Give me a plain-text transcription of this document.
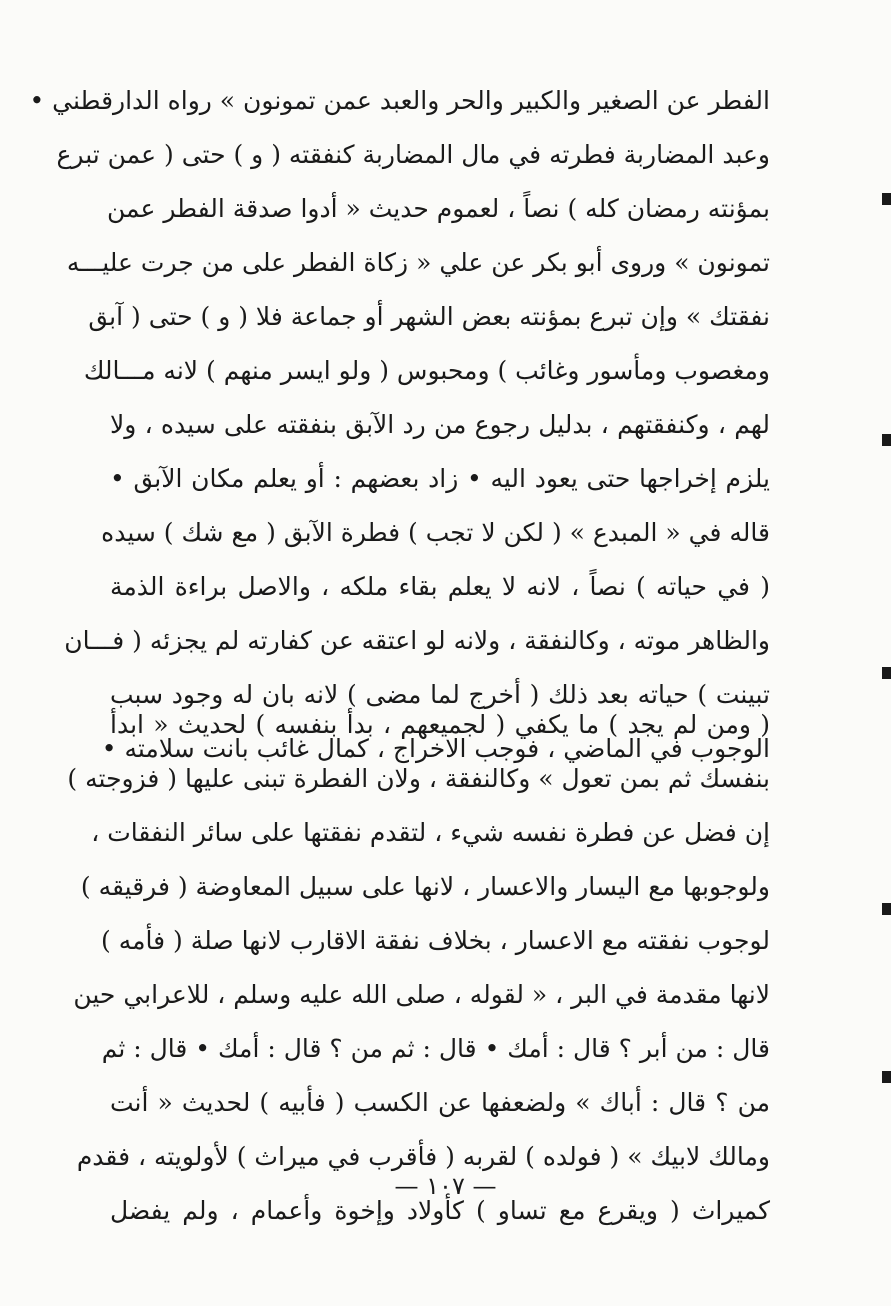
الفطر عن الصغير والكبير والحر والعبد عمن تمونون » رواه الدارقطني •
وعبد المضاربة فطرته في مال المضاربة كنفقته ( و ) حتى ( عمن تبرع
بمؤنته رمضان كله ) نصاً ، لعموم حديث « أدوا صدقة الفطر عمن
تمونون » وروى أبو بكر عن علي « زكاة الفطر على من جرت عليـــه
نفقتك » وإن تبرع بمؤنته بعض الشهر أو جماعة فلا ( و ) حتى ( آبق
ومغصوب ومأسور وغائب ) ومحبوس ( ولو ايسر منهم ) لانه مـــالك
لهم ، وكنفقتهم ، بدليل رجوع من رد الآبق بنفقته على سيده ، ولا
يلزم إخراجها حتى يعود اليه • زاد بعضهم : أو يعلم مكان الآبق •
قاله في « المبدع » ( لكن لا تجب ) فطرة الآبق ( مع شك ) سيده
( في حياته ) نصاً ، لانه لا يعلم بقاء ملكه ، والاصل براءة الذمة
والظاهر موته ، وكالنفقة ، ولانه لو اعتقه عن كفارته لم يجزئه ( فـــان
تبينت ) حياته بعد ذلك ( أخرج لما مضى ) لانه بان له وجود سبب
الوجوب في الماضي ، فوجب الاخراج ، كمال غائب بانت سلامته •
( ومن لم يجد ) ما يكفي ( لجميعهم ، بدأ بنفسه ) لحديث « ابدأ
بنفسك ثم بمن تعول » وكالنفقة ، ولان الفطرة تبنى عليها ( فزوجته )
إن فضل عن فطرة نفسه شيء ، لتقدم نفقتها على سائر النفقات ،
ولوجوبها مع اليسار والاعسار ، لانها على سبيل المعاوضة ( فرقيقه )
لوجوب نفقته مع الاعسار ، بخلاف نفقة الاقارب لانها صلة ( فأمه )
لانها مقدمة في البر ، « لقوله ، صلى الله عليه وسلم ، للاعرابي حين
قال : من أبر ؟ قال : أمك • قال : ثم من ؟ قال : أمك • قال : ثم
من ؟ قال : أباك » ولضعفها عن الكسب ( فأبيه ) لحديث « أنت
ومالك لابيك » ( فولده ) لقربه ( فأقرب في ميراث ) لأولويته ، فقدم
كميراث ( ويقرع مع تساو ) كأولاد وإخوة وأعمام ، ولم يفضل
— ١٠٧ —
